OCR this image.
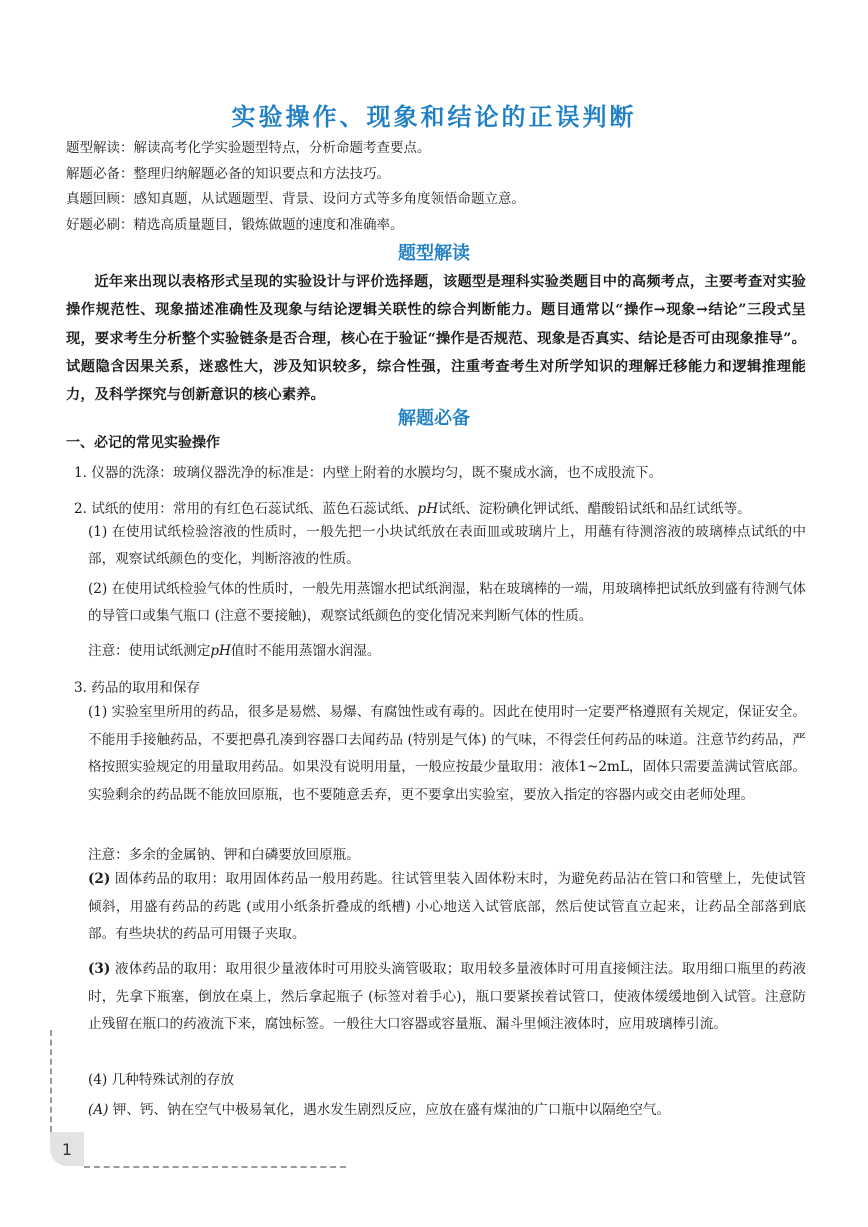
实验操作、现象和结论的正误判断
题型解读：解读高考化学实验题型特点，分析命题考查要点。
解题必备：整理归纳解题必备的知识要点和方法技巧。
真题回顾：感知真题，从试题题型、背景、设问方式等多角度领悟命题立意。
好题必刷：精选高质量题目，锻炼做题的速度和准确率。
题型解读
近年来出现以表格形式呈现的实验设计与评价选择题，该题型是理科实验类题目中的高频考点，主要考查对实验操作规范性、现象描述准确性及现象与结论逻辑关联性的综合判断能力。题目通常以“操作→现象→结论”三段式呈现，要求考生分析整个实验链条是否合理，核心在于验证“操作是否规范、现象是否真实、结论是否可由现象推导”。试题隐含因果关系，迷惑性大，涉及知识较多，综合性强，注重考查考生对所学知识的理解迁移能力和逻辑推理能力，及科学探究与创新意识的核心素养。
解题必备
一、必记的常见实验操作
1. 仪器的洗涤：玻璃仪器洗净的标准是：内壁上附着的水膜均匀，既不聚成水滴，也不成股流下。
2. 试纸的使用：常用的有红色石蕊试纸、蓝色石蕊试纸、pH试纸、淀粉碘化钾试纸、醋酸铅试纸和品红试纸等。
(1) 在使用试纸检验溶液的性质时，一般先把一小块试纸放在表面皿或玻璃片上，用蘸有待测溶液的玻璃棒点试纸的中部，观察试纸颜色的变化，判断溶液的性质。
(2) 在使用试纸检验气体的性质时，一般先用蒸馏水把试纸润湿，粘在玻璃棒的一端，用玻璃棒把试纸放到盛有待测气体的导管口或集气瓶口 (注意不要接触)，观察试纸颜色的变化情况来判断气体的性质。
注意：使用试纸测定pH值时不能用蒸馏水润湿。
3. 药品的取用和保存
(1) 实验室里所用的药品，很多是易燃、易爆、有腐蚀性或有毒的。因此在使用时一定要严格遵照有关规定，保证安全。不能用手接触药品，不要把鼻孔凑到容器口去闻药品 (特别是气体) 的气味，不得尝任何药品的味道。注意节约药品，严格按照实验规定的用量取用药品。如果没有说明用量，一般应按最少量取用：液体1~2mL，固体只需要盖满试管底部。实验剩余的药品既不能放回原瓶，也不要随意丢弃，更不要拿出实验室，要放入指定的容器内或交由老师处理。
注意：多余的金属钠、钾和白磷要放回原瓶。
(2) 固体药品的取用：取用固体药品一般用药匙。往试管里装入固体粉末时，为避免药品沾在管口和管壁上，先使试管倾斜，用盛有药品的药匙 (或用小纸条折叠成的纸槽) 小心地送入试管底部，然后使试管直立起来，让药品全部落到底部。有些块状的药品可用镊子夹取。
(3) 液体药品的取用：取用很少量液体时可用胶头滴管吸取；取用较多量液体时可用直接倾注法。取用细口瓶里的药液时，先拿下瓶塞，倒放在桌上，然后拿起瓶子 (标签对着手心)，瓶口要紧挨着试管口，使液体缓缓地倒入试管。注意防止残留在瓶口的药液流下来，腐蚀标签。一般往大口容器或容量瓶、漏斗里倾注液体时，应用玻璃棒引流。
(4) 几种特殊试剂的存放
(A) 钾、钙、钠在空气中极易氧化，遇水发生剧烈反应，应放在盛有煤油的广口瓶中以隔绝空气。
1
